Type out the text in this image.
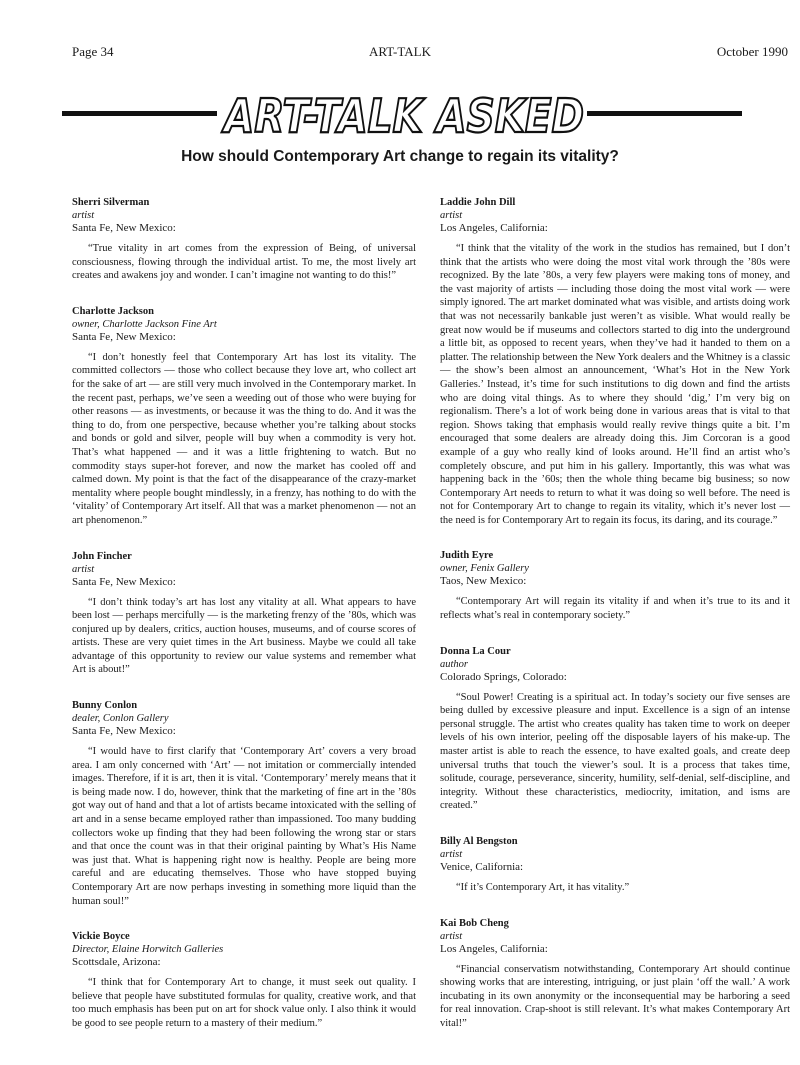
Page 34	ART-TALK	October 1990
ART-TALK ASKED
How should Contemporary Art change to regain its vitality?
Sherri Silverman
artist
Santa Fe, New Mexico:

“True vitality in art comes from the expression of Being, of universal consciousness, flowing through the individual artist. To me, the most lively art creates and awakens joy and wonder. I can’t imagine not wanting to do this!”

Charlotte Jackson
owner, Charlotte Jackson Fine Art
Santa Fe, New Mexico:

“I don’t honestly feel that Contemporary Art has lost its vitality. The committed collectors — those who collect because they love art, who collect art for the sake of art — are still very much involved in the Contemporary market. In the recent past, perhaps, we’ve seen a weeding out of those who were buying for other reasons — as investments, or because it was the thing to do. And it was the thing to do, from one perspective, because whether you’re talking about stocks and bonds or gold and silver, people will buy when a commodity is very hot. That’s what happened — and it was a little frightening to watch. But no commodity stays super-hot forever, and now the market has cooled off and calmed down. My point is that the fact of the disappearance of the crazy-market mentality where people bought mindlessly, in a frenzy, has nothing to do with the ‘vitality’ of Contemporary Art itself. All that was a market phenomenon — not an art phenomenon.”

John Fincher
artist
Santa Fe, New Mexico:

“I don’t think today’s art has lost any vitality at all. What appears to have been lost — perhaps mercifully — is the marketing frenzy of the ’80s, which was conjured up by dealers, critics, auction houses, museums, and of course scores of artists. These are very quiet times in the Art business. Maybe we could all take advantage of this opportunity to review our value systems and remember what Art is about!”

Bunny Conlon
dealer, Conlon Gallery
Santa Fe, New Mexico:

“I would have to first clarify that ‘Contemporary Art’ covers a very broad area. I am only concerned with ‘Art’ — not imitation or commercially intended images. Therefore, if it is art, then it is vital. ‘Contemporary’ merely means that it is being made now. I do, however, think that the marketing of fine art in the ’80s got way out of hand and that a lot of artists became intoxicated with the selling of art and in a sense became employed rather than impassioned. Too many budding collectors woke up finding that they had been following the wrong star or stars and that once the count was in that their original painting by What’s His Name was just that. What is happening right now is healthy. People are being more careful and are educating themselves. Those who have stopped buying Contemporary Art are now perhaps investing in something more liquid than the human soul!”

Vickie Boyce
Director, Elaine Horwitch Galleries
Scottsdale, Arizona:

“I think that for Contemporary Art to change, it must seek out quality. I believe that people have substituted formulas for quality, creative work, and that too much emphasis has been put on art for shock value only. I also think it would be good to see people return to a mastery of their medium.”

Laddie John Dill
artist
Los Angeles, California:

“I think that the vitality of the work in the studios has remained, but I don’t think that the artists who were doing the most vital work through the ’80s were recognized. By the late ’80s, a very few players were making tons of money, and the vast majority of artists — including those doing the most vital work — were simply ignored. The art market dominated what was visible, and artists doing work that was not necessarily bankable just weren’t as visible. What would really be great now would be if museums and collectors started to dig into the underground a little bit, as opposed to recent years, when they’ve had it handed to them on a platter. The relationship between the New York dealers and the Whitney is a classic — the show’s been almost an announcement, ‘What’s Hot in the New York Galleries.’ Instead, it’s time for such institutions to dig down and find the artists who are doing vital things. As to where they should ‘dig,’ I’m very big on regionalism. There’s a lot of work being done in various areas that is vital to that region. Shows taking that emphasis would really revive things quite a bit. I’m encouraged that some dealers are already doing this. Jim Corcoran is a good example of a guy who really kind of looks around. He’ll find an artist who’s completely obscure, and put him in his gallery. Importantly, this was what was happening back in the ’60s; then the whole thing became big business; so now Contemporary Art needs to return to what it was doing so well before. The need is not for Contemporary Art to change to regain its vitality, which it’s never lost — the need is for Contemporary Art to regain its focus, its daring, and its courage.”

Judith Eyre
owner, Fenix Gallery
Taos, New Mexico:

“Contemporary Art will regain its vitality if and when it’s true to its and it reflects what’s real in contemporary society.”

Donna La Cour
author
Colorado Springs, Colorado:

“Soul Power! Creating is a spiritual act. In today’s society our five senses are being dulled by excessive pleasure and input. Excellence is a sign of an intense personal struggle. The artist who creates quality has taken time to work on deeper levels of his own interior, peeling off the disposable layers of his make-up. The master artist is able to reach the essence, to have exalted goals, and create deep universal truths that touch the viewer’s soul. It is a process that takes time, solitude, courage, perseverance, sincerity, humility, self-denial, self-discipline, and integrity. Without these characteristics, mediocrity, imitation, and isms are created.”

Billy Al Bengston
artist
Venice, California:

“If it’s Contemporary Art, it has vitality.”

Kai Bob Cheng
artist
Los Angeles, California:

“Financial conservatism notwithstanding, Contemporary Art should continue showing works that are interesting, intriguing, or just plain ‘off the wall.’ A work incubating in its own anonymity or the inconsequential may be harboring a seed for real innovation. Crap-shoot is still relevant. It’s what makes Contemporary Art vital!”
